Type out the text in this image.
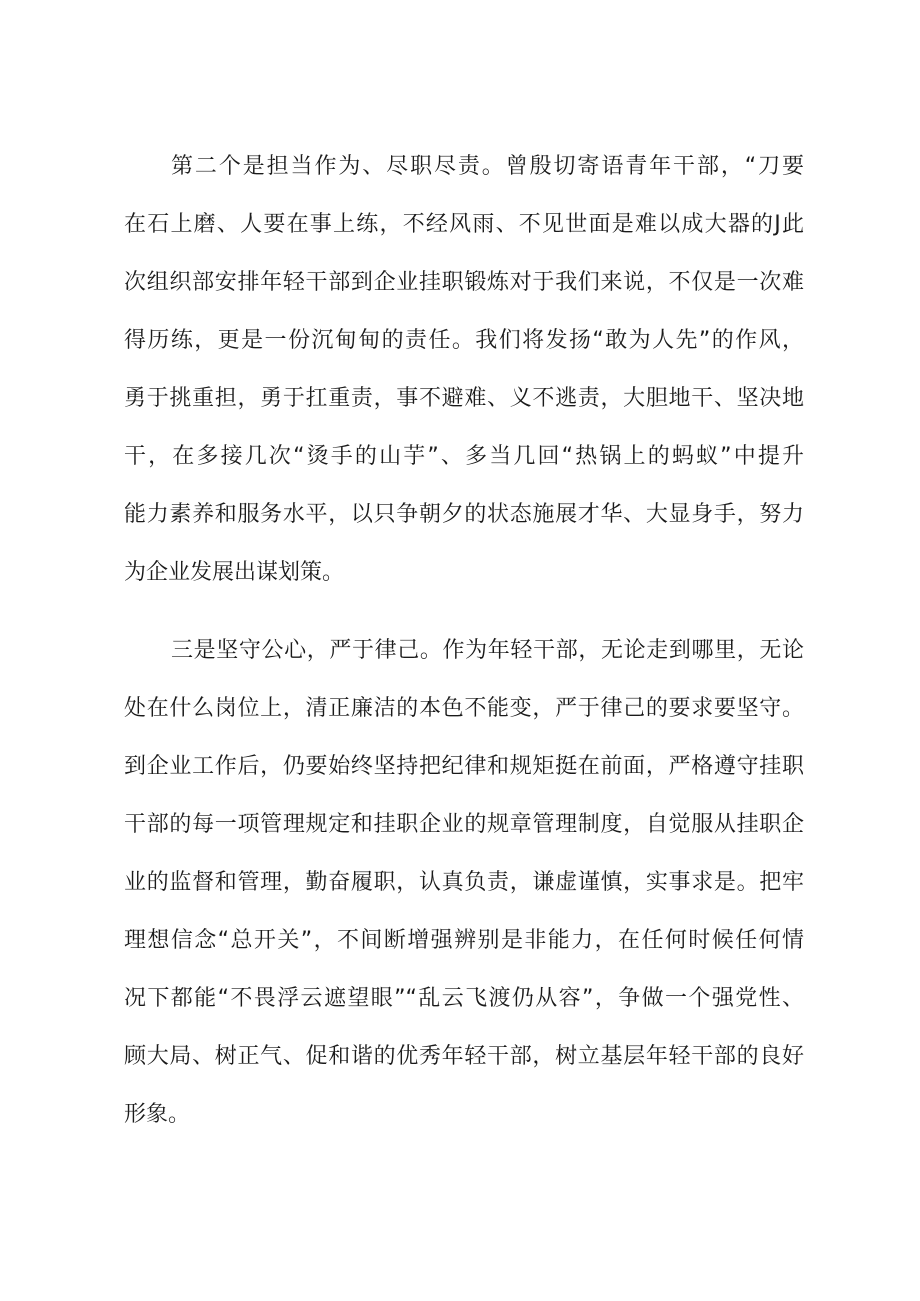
第二个是担当作为、尽职尽责。曾殷切寄语青年干部，“刀要
在石上磨、人要在事上练，不经风雨、不见世面是难以成大器的J此
次组织部安排年轻干部到企业挂职锻炼对于我们来说，不仅是一次难
得历练，更是一份沉甸甸的责任。我们将发扬“敢为人先”的作风，
勇于挑重担，勇于扛重责，事不避难、义不逃责，大胆地干、坚决地
干，在多接几次“烫手的山芋”、多当几回“热锅上的蚂蚁”中提升
能力素养和服务水平，以只争朝夕的状态施展才华、大显身手，努力
为企业发展出谋划策。
三是坚守公心，严于律己。作为年轻干部，无论走到哪里，无论
处在什么岗位上，清正廉洁的本色不能变，严于律己的要求要坚守。
到企业工作后，仍要始终坚持把纪律和规矩挺在前面，严格遵守挂职
干部的每一项管理规定和挂职企业的规章管理制度，自觉服从挂职企
业的监督和管理，勤奋履职，认真负责，谦虚谨慎，实事求是。把牢
理想信念“总开关”，不间断增强辨别是非能力，在任何时候任何情
况下都能“不畏浮云遮望眼”“乱云飞渡仍从容”，争做一个强党性、
顾大局、树正气、促和谐的优秀年轻干部，树立基层年轻干部的良好
形象。
